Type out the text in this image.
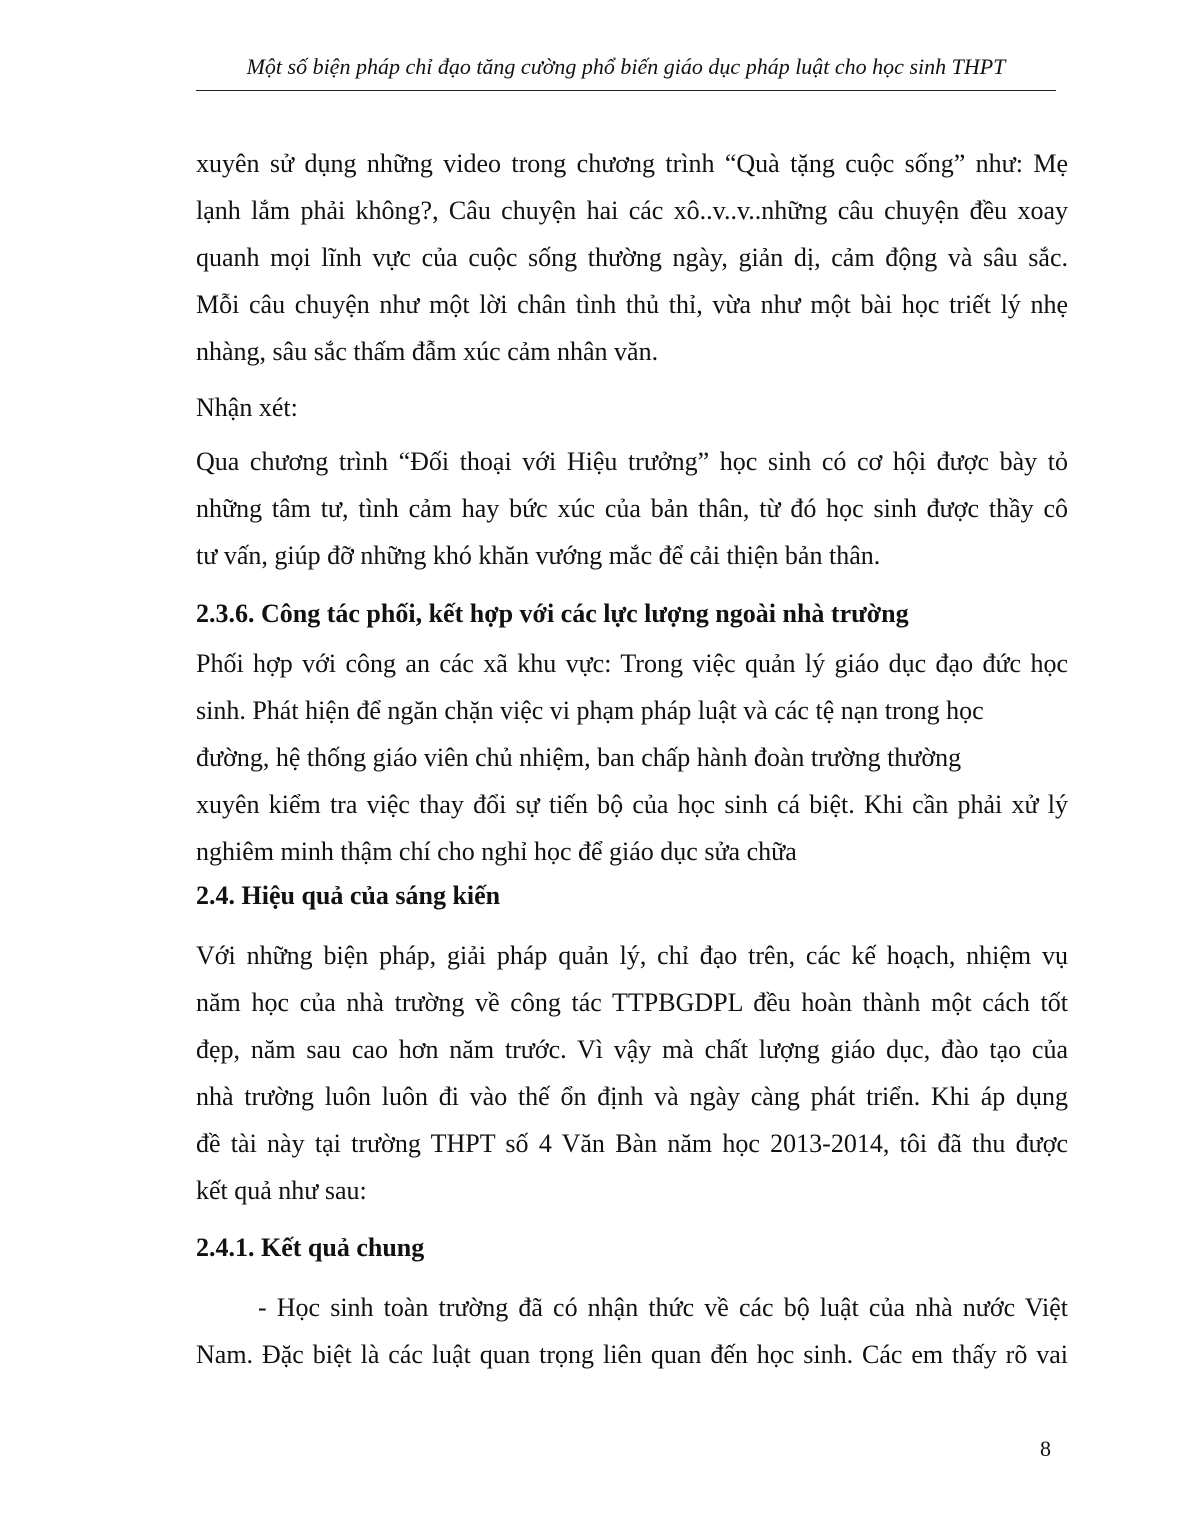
Một số biện pháp chỉ đạo tăng cường phổ biến giáo dục pháp luật cho học sinh THPT
xuyên sử dụng những video trong chương trình “Quà tặng cuộc sống” như: Mẹ
lạnh lắm phải không?, Câu chuyện hai các xô..v..v..những câu chuyện đều xoay
quanh mọi lĩnh vực của cuộc sống thường ngày, giản dị, cảm động và sâu sắc.
Mỗi câu chuyện như một lời chân tình thủ thỉ, vừa như một bài học triết lý nhẹ
nhàng, sâu sắc thấm đẫm xúc cảm nhân văn.
Nhận xét:
Qua chương trình “Đối thoại với Hiệu trưởng” học sinh có cơ hội được bày tỏ
những tâm tư, tình cảm hay bức xúc của bản thân, từ đó học sinh được thầy cô
tư vấn, giúp đỡ những khó khăn vướng mắc để cải thiện bản thân.
2.3.6. Công tác phối, kết hợp với các lực lượng ngoài nhà trường
Phối hợp với công an các xã khu vực: Trong việc quản lý giáo dục đạo đức học
sinh. Phát hiện để ngăn chặn việc vi phạm pháp luật và các tệ nạn trong học
đường, hệ thống giáo viên chủ nhiệm, ban chấp hành đoàn trường thường
xuyên kiểm tra việc thay đổi sự tiến bộ của học sinh cá biệt. Khi cần phải xử lý
nghiêm minh thậm chí cho nghỉ học để giáo dục sửa chữa
2.4. Hiệu quả của sáng kiến
Với những biện pháp, giải pháp quản lý, chỉ đạo trên, các kế hoạch, nhiệm vụ
năm học của nhà trường về công tác TTPBGDPL đều hoàn thành một cách tốt
đẹp, năm sau cao hơn năm trước. Vì vậy mà chất lượng giáo dục, đào tạo của
nhà trường luôn luôn đi vào thế ổn định và ngày càng phát triển. Khi áp dụng
đề tài này tại trường THPT số 4 Văn Bàn năm học 2013-2014, tôi đã thu được
kết quả như sau:
2.4.1. Kết quả chung
- Học sinh toàn trường đã có nhận thức về các bộ luật của nhà nước Việt
Nam. Đặc biệt là các luật quan trọng liên quan đến học sinh. Các em thấy rõ vai
8
